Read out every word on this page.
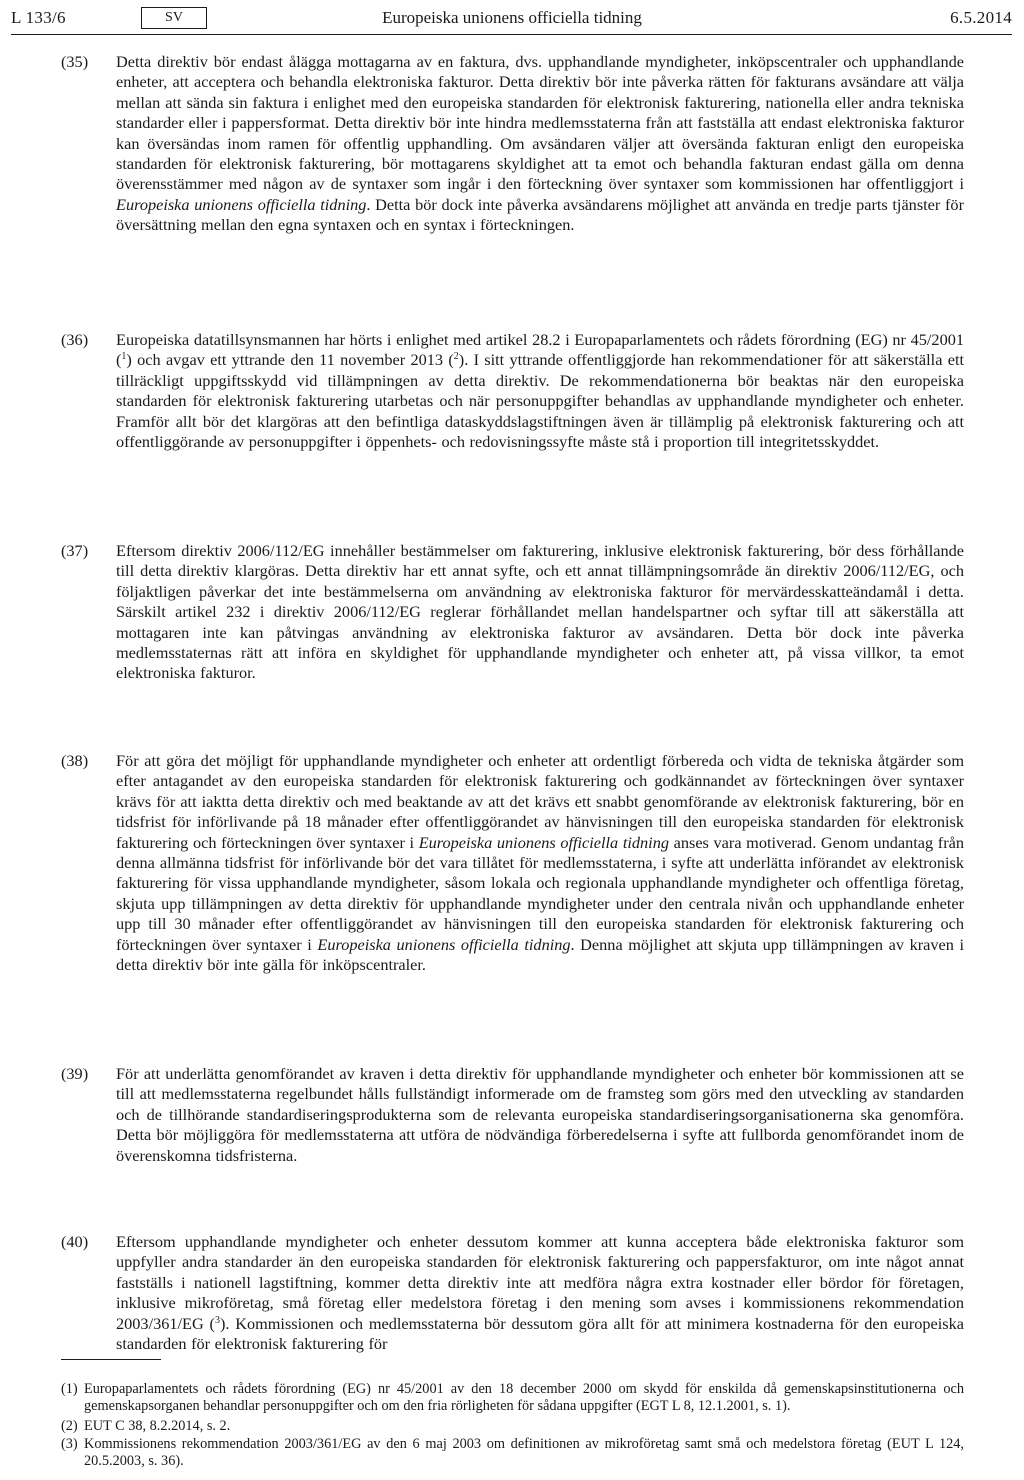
L 133/6	SV	Europeiska unionens officiella tidning	6.5.2014
(35) Detta direktiv bör endast ålägga mottagarna av en faktura, dvs. upphandlande myndigheter, inköpscentraler och upphandlande enheter, att acceptera och behandla elektroniska fakturor. Detta direktiv bör inte påverka rätten för fakturans avsändare att välja mellan att sända sin faktura i enlighet med den europeiska standarden för elektronisk fakturering, nationella eller andra tekniska standarder eller i pappersformat. Detta direktiv bör inte hindra medlemsstaterna från att fastställa att endast elektroniska fakturor kan översändas inom ramen för offentlig upphandling. Om avsändaren väljer att översända fakturan enligt den europeiska standarden för elektronisk fakturering, bör mottagarens skyldighet att ta emot och behandla fakturan endast gälla om denna överensstämmer med någon av de syntaxer som ingår i den förteckning över syntaxer som kommissionen har offentliggjort i Europeiska unionens officiella tidning. Detta bör dock inte påverka avsändarens möjlighet att använda en tredje parts tjänster för översättning mellan den egna syntaxen och en syntax i förteckningen.
(36) Europeiska datatillsynsmannen har hörts i enlighet med artikel 28.2 i Europaparlamentets och rådets förordning (EG) nr 45/2001 ($^1$) och avgav ett yttrande den 11 november 2013 ($^2$). I sitt yttrande offentliggjorde han rekommendationer för att säkerställa ett tillräckligt uppgiftsskydd vid tillämpningen av detta direktiv. De rekommendationerna bör beaktas när den europeiska standarden för elektronisk fakturering utarbetas och när personuppgifter behandlas av upphandlande myndigheter och enheter. Framför allt bör det klargöras att den befintliga dataskyddslagstiftningen även är tillämplig på elektronisk fakturering och att offentliggörande av personuppgifter i öppenhets- och redovisningssyfte måste stå i proportion till integritetsskyddet.
(37) Eftersom direktiv 2006/112/EG innehåller bestämmelser om fakturering, inklusive elektronisk fakturering, bör dess förhållande till detta direktiv klargöras. Detta direktiv har ett annat syfte, och ett annat tillämpningsområde än direktiv 2006/112/EG, och följaktligen påverkar det inte bestämmelserna om användning av elektroniska fakturor för mervärdesskatteändamål i detta. Särskilt artikel 232 i direktiv 2006/112/EG reglerar förhållandet mellan handelspartner och syftar till att säkerställa att mottagaren inte kan påtvingas användning av elektroniska fakturor av avsändaren. Detta bör dock inte påverka medlemsstaternas rätt att införa en skyldighet för upphandlande myndigheter och enheter att, på vissa villkor, ta emot elektroniska fakturor.
(38) För att göra det möjligt för upphandlande myndigheter och enheter att ordentligt förbereda och vidta de tekniska åtgärder som efter antagandet av den europeiska standarden för elektronisk fakturering och godkännandet av förteckningen över syntaxer krävs för att iaktta detta direktiv och med beaktande av att det krävs ett snabbt genomförande av elektronisk fakturering, bör en tidsfrist för införlivande på 18 månader efter offentliggörandet av hänvisningen till den europeiska standarden för elektronisk fakturering och förteckningen över syntaxer i Europeiska unionens officiella tidning anses vara motiverad. Genom undantag från denna allmänna tidsfrist för införlivande bör det vara tillåtet för medlemsstaterna, i syfte att underlätta införandet av elektronisk fakturering för vissa upphandlande myndigheter, såsom lokala och regionala upphandlande myndigheter och offentliga företag, skjuta upp tillämpningen av detta direktiv för upphandlande myndigheter under den centrala nivån och upphandlande enheter upp till 30 månader efter offentliggörandet av hänvisningen till den europeiska standarden för elektronisk fakturering och förteckningen över syntaxer i Europeiska unionens officiella tidning. Denna möjlighet att skjuta upp tillämpningen av kraven i detta direktiv bör inte gälla för inköpscentraler.
(39) För att underlätta genomförandet av kraven i detta direktiv för upphandlande myndigheter och enheter bör kommissionen att se till att medlemsstaterna regelbundet hålls fullständigt informerade om de framsteg som görs med den utveckling av standarden och de tillhörande standardiseringsprodukterna som de relevanta europeiska standardiseringsorganisationerna ska genomföra. Detta bör möjliggöra för medlemsstaterna att utföra de nödvändiga förberedelserna i syfte att fullborda genomförandet inom de överenskomna tidsfristerna.
(40) Eftersom upphandlande myndigheter och enheter dessutom kommer att kunna acceptera både elektroniska fakturor som uppfyller andra standarder än den europeiska standarden för elektronisk fakturering och pappersfakturor, om inte något annat fastställs i nationell lagstiftning, kommer detta direktiv inte att medföra några extra kostnader eller bördor för företagen, inklusive mikroföretag, små företag eller medelstora företag i den mening som avses i kommissionens rekommendation 2003/361/EG ($^3$). Kommissionen och medlemsstaterna bör dessutom göra allt för att minimera kostnaderna för den europeiska standarden för elektronisk fakturering för
(1) Europaparlamentets och rådets förordning (EG) nr 45/2001 av den 18 december 2000 om skydd för enskilda då gemenskapsinstitutionerna och gemenskapsorganen behandlar personuppgifter och om den fria rörligheten för sådana uppgifter (EGT L 8, 12.1.2001, s. 1).
(2) EUT C 38, 8.2.2014, s. 2.
(3) Kommissionens rekommendation 2003/361/EG av den 6 maj 2003 om definitionen av mikroföretag samt små och medelstora företag (EUT L 124, 20.5.2003, s. 36).
